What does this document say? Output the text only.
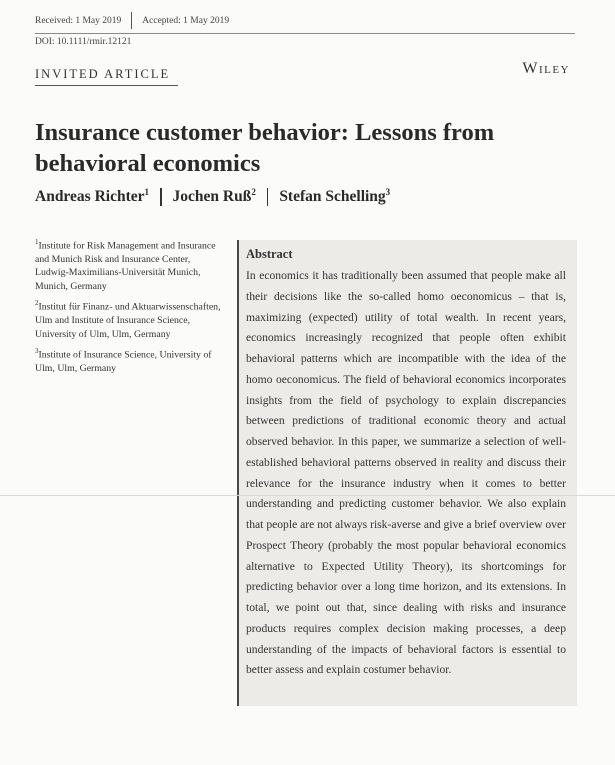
Received: 1 May 2019 Accepted: 1 May 2019
DOI: 10.1111/rmir.12121
INVITED ARTICLE	Wiley
Insurance customer behavior: Lessons from behavioral economics
Andreas Richter$^1$ Jochen Ruß$^2$ Stefan Schelling$^3$

$^1$Institute for Risk Management and Insurance and Munich Risk and Insurance Center, Ludwig-Maximilians-Universität Munich, Munich, Germany

$^2$Institut für Finanz- und Aktuarwissenschaften, Ulm and Institute of Insurance Science, University of Ulm, Ulm, Germany

$^3$Institute of Insurance Science, University of Ulm, Ulm, Germany

Abstract

In economics it has traditionally been assumed that people make all their decisions like the so-called homo oeconomicus – that is, maximizing (expected) utility of total wealth. In recent years, economics increasingly recognized that people often exhibit behavioral patterns which are incompatible with the idea of the homo oeconomicus. The field of behavioral economics incorporates insights from the field of psychology to explain discrepancies between predictions of traditional economic theory and actual observed behavior. In this paper, we summarize a selection of well-established behavioral patterns observed in reality and discuss their relevance for the insurance industry when it comes to better understanding and predicting customer behavior. We also explain that people are not always risk-averse and give a brief overview over Prospect Theory (probably the most popular behavioral economics alternative to Expected Utility Theory), its shortcomings for predicting behavior over a long time horizon, and its extensions. In total, we point out that, since dealing with risks and insurance products requires complex decision making processes, a deep understanding of the impacts of behavioral factors is essential to better assess and explain costumer behavior.
